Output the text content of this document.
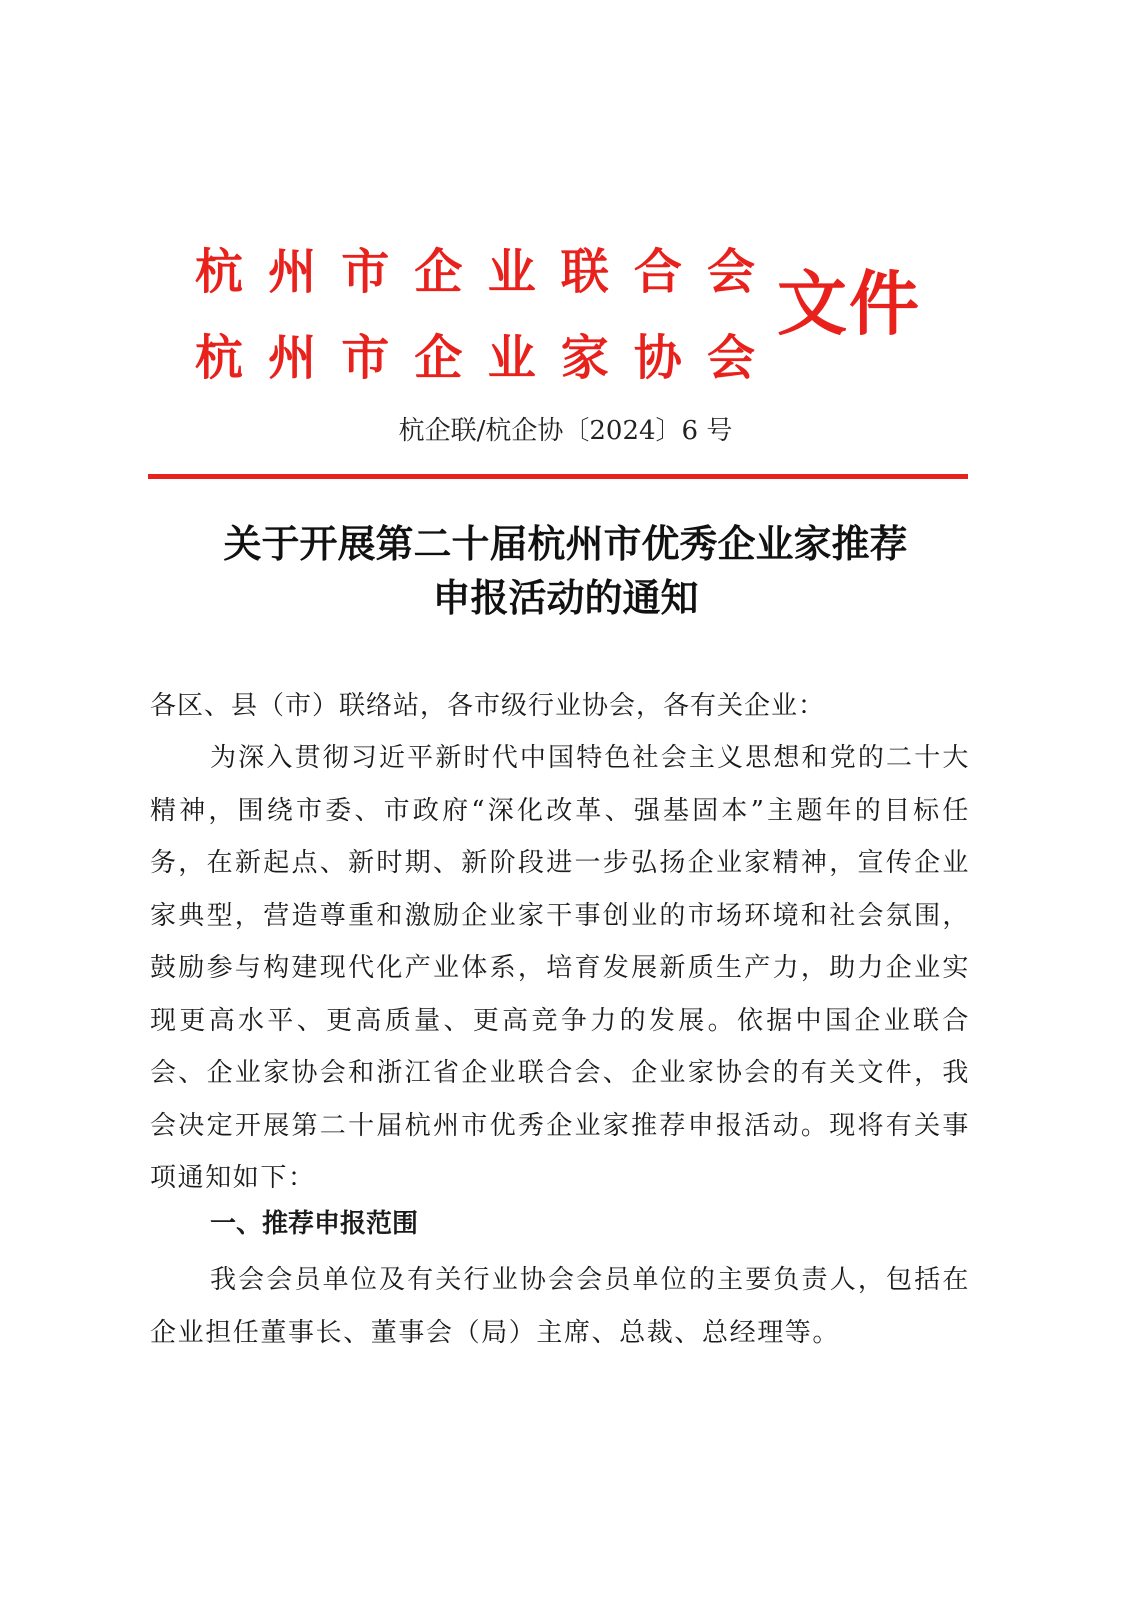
杭 州 市 企 业 联 合 会
杭 州 市 企 业 家 协 会
文件
杭企联/杭企协〔2024〕6 号
关于开展第二十届杭州市优秀企业家推荐
申报活动的通知
各区、县（市）联络站，各市级行业协会，各有关企业：
为深入贯彻习近平新时代中国特色社会主义思想和党的二十大精神，围绕市委、市政府“深化改革、强基固本”主题年的目标任务，在新起点、新时期、新阶段进一步弘扬企业家精神，宣传企业家典型，营造尊重和激励企业家干事创业的市场环境和社会氛围，鼓励参与构建现代化产业体系，培育发展新质生产力，助力企业实现更高水平、更高质量、更高竞争力的发展。依据中国企业联合会、企业家协会和浙江省企业联合会、企业家协会的有关文件，我会决定开展第二十届杭州市优秀企业家推荐申报活动。现将有关事项通知如下：
一、推荐申报范围
我会会员单位及有关行业协会会员单位的主要负责人，包括在企业担任董事长、董事会（局）主席、总裁、总经理等。
